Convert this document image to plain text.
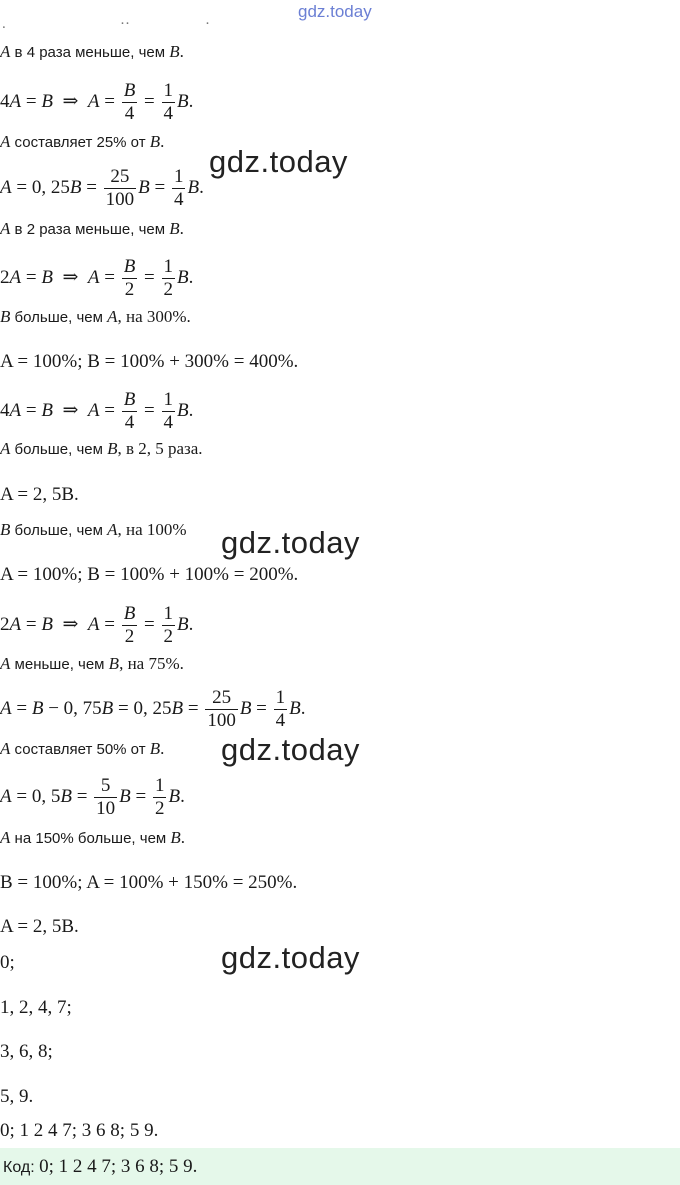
gdz.today
.	··	·
A в 4 раза меньше, чем B.
4A = B  ⇒  $A = \frac{B}{4} = \frac{1}{4} B$.
A составляет 25% от B.
A = 0, $25B = \frac{25}{100}$ $B = \frac{1}{4} B$.
A в 2 раза меньше, чем B.
2A = B  ⇒  $A = \frac{B}{2} = \frac{1}{2} B$.
B больше, чем A, на 300%.
A = 100%; B = 100% + 300% = 400%.
4A = B  ⇒  $A = \frac{B}{4} = \frac{1}{4} B$.
A больше, чем B, в 2, 5 раза.
A = 2, 5B.
B больше, чем A, на 100%
A = 100%; B = 100% + 100% = 200%.
2A = B  ⇒  $A = \frac{B}{2} = \frac{1}{2} B$.
A меньше, чем B, на 75%.
A = B − 0, 75B = 0, $25B = \frac{25}{100}$ $B = \frac{1}{4} B$.
A составляет 50% от B.
A = 0, $5B = \frac{5}{10}$ $B = \frac{1}{2} B$.
A на 150% больше, чем B.
B = 100%; A = 100% + 150% = 250%.
A = 2, 5B.
0;
1, 2, 4, 7;
3, 6, 8;
5, 9.
0; 1 2 4 7; 3 6 8; 5 9.
Код: 0; 1 2 4 7; 3 6 8; 5 9.
gdz.today
gdz.today
gdz.today
gdz.today
